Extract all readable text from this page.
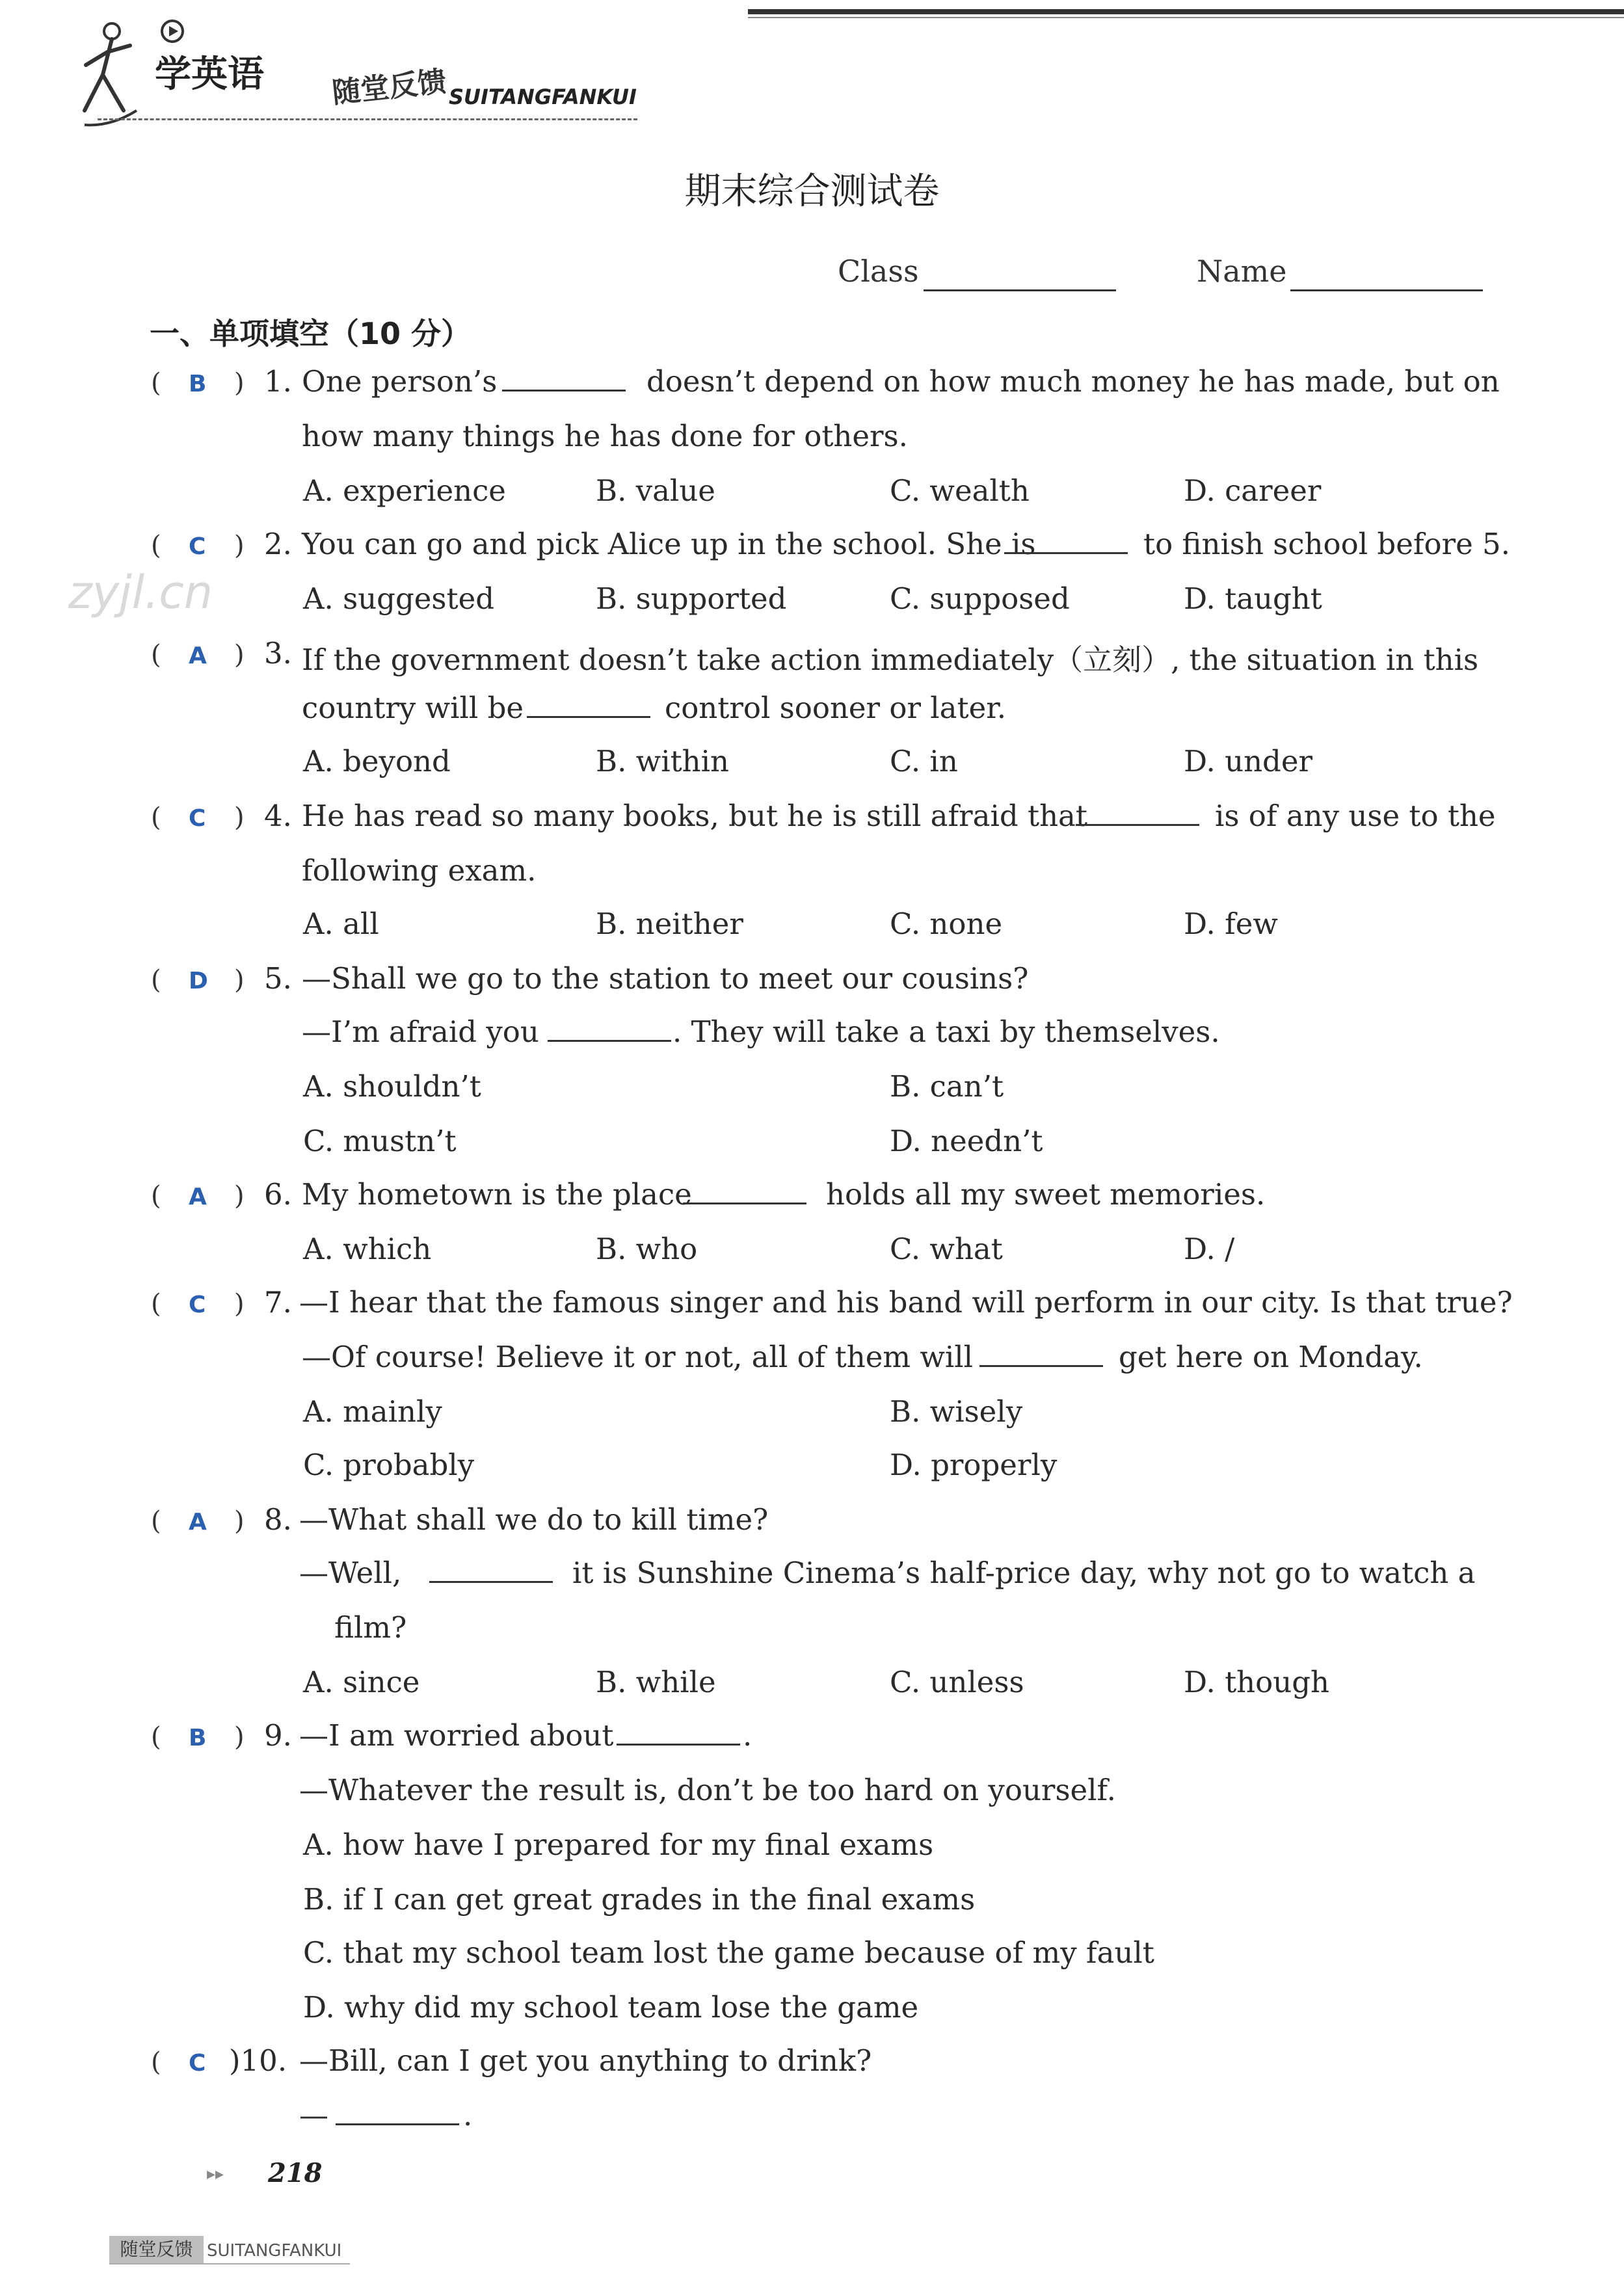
学英语 随堂反馈 SUITANGFANKUI
期末综合测试卷
Class	Name
一、单项填空（10 分）
zyjl.cn
( B ) 1. One person’s	doesn’t depend on how much money he has made, but on
how many things he has done for others.
A. experience	B. value	C. wealth	D. career
( C ) 2. You can go and pick Alice up in the school. She is	to finish school before 5.
A. suggested	B. supported	C. supposed	D. taught
( A ) 3. If the government doesn’t take action immediately（立刻）, the situation in this
country will be	control sooner or later.
A. beyond	B. within	C. in	D. under
( C ) 4. He has read so many books, but he is still afraid that	is of any use to the
following exam.
A. all	B. neither	C. none	D. few
( D ) 5. —Shall we go to the station to meet our cousins?
—I’m afraid you	. They will take a taxi by themselves.
A. shouldn’t	B. can’t
C. mustn’t	D. needn’t
( A ) 6. My hometown is the place	holds all my sweet memories.
A. which	B. who	C. what	D. /
( C ) 7. —I hear that the famous singer and his band will perform in our city. Is that true?
—Of course! Believe it or not, all of them will	get here on Monday.
A. mainly	B. wisely
C. probably	D. properly
( A ) 8. —What shall we do to kill time?
—Well,	it is Sunshine Cinema’s half-price day, why not go to watch a
film?
A. since	B. while	C. unless	D. though
( B ) 9. —I am worried about	.
—Whatever the result is, don’t be too hard on yourself.
A. how have I prepared for my final exams
B. if I can get great grades in the final exams
C. that my school team lost the game because of my fault
D. why did my school team lose the game
( C )10. —Bill, can I get you anything to drink?
—	.
▸▸ 218
随堂反馈 SUITANGFANKUI
